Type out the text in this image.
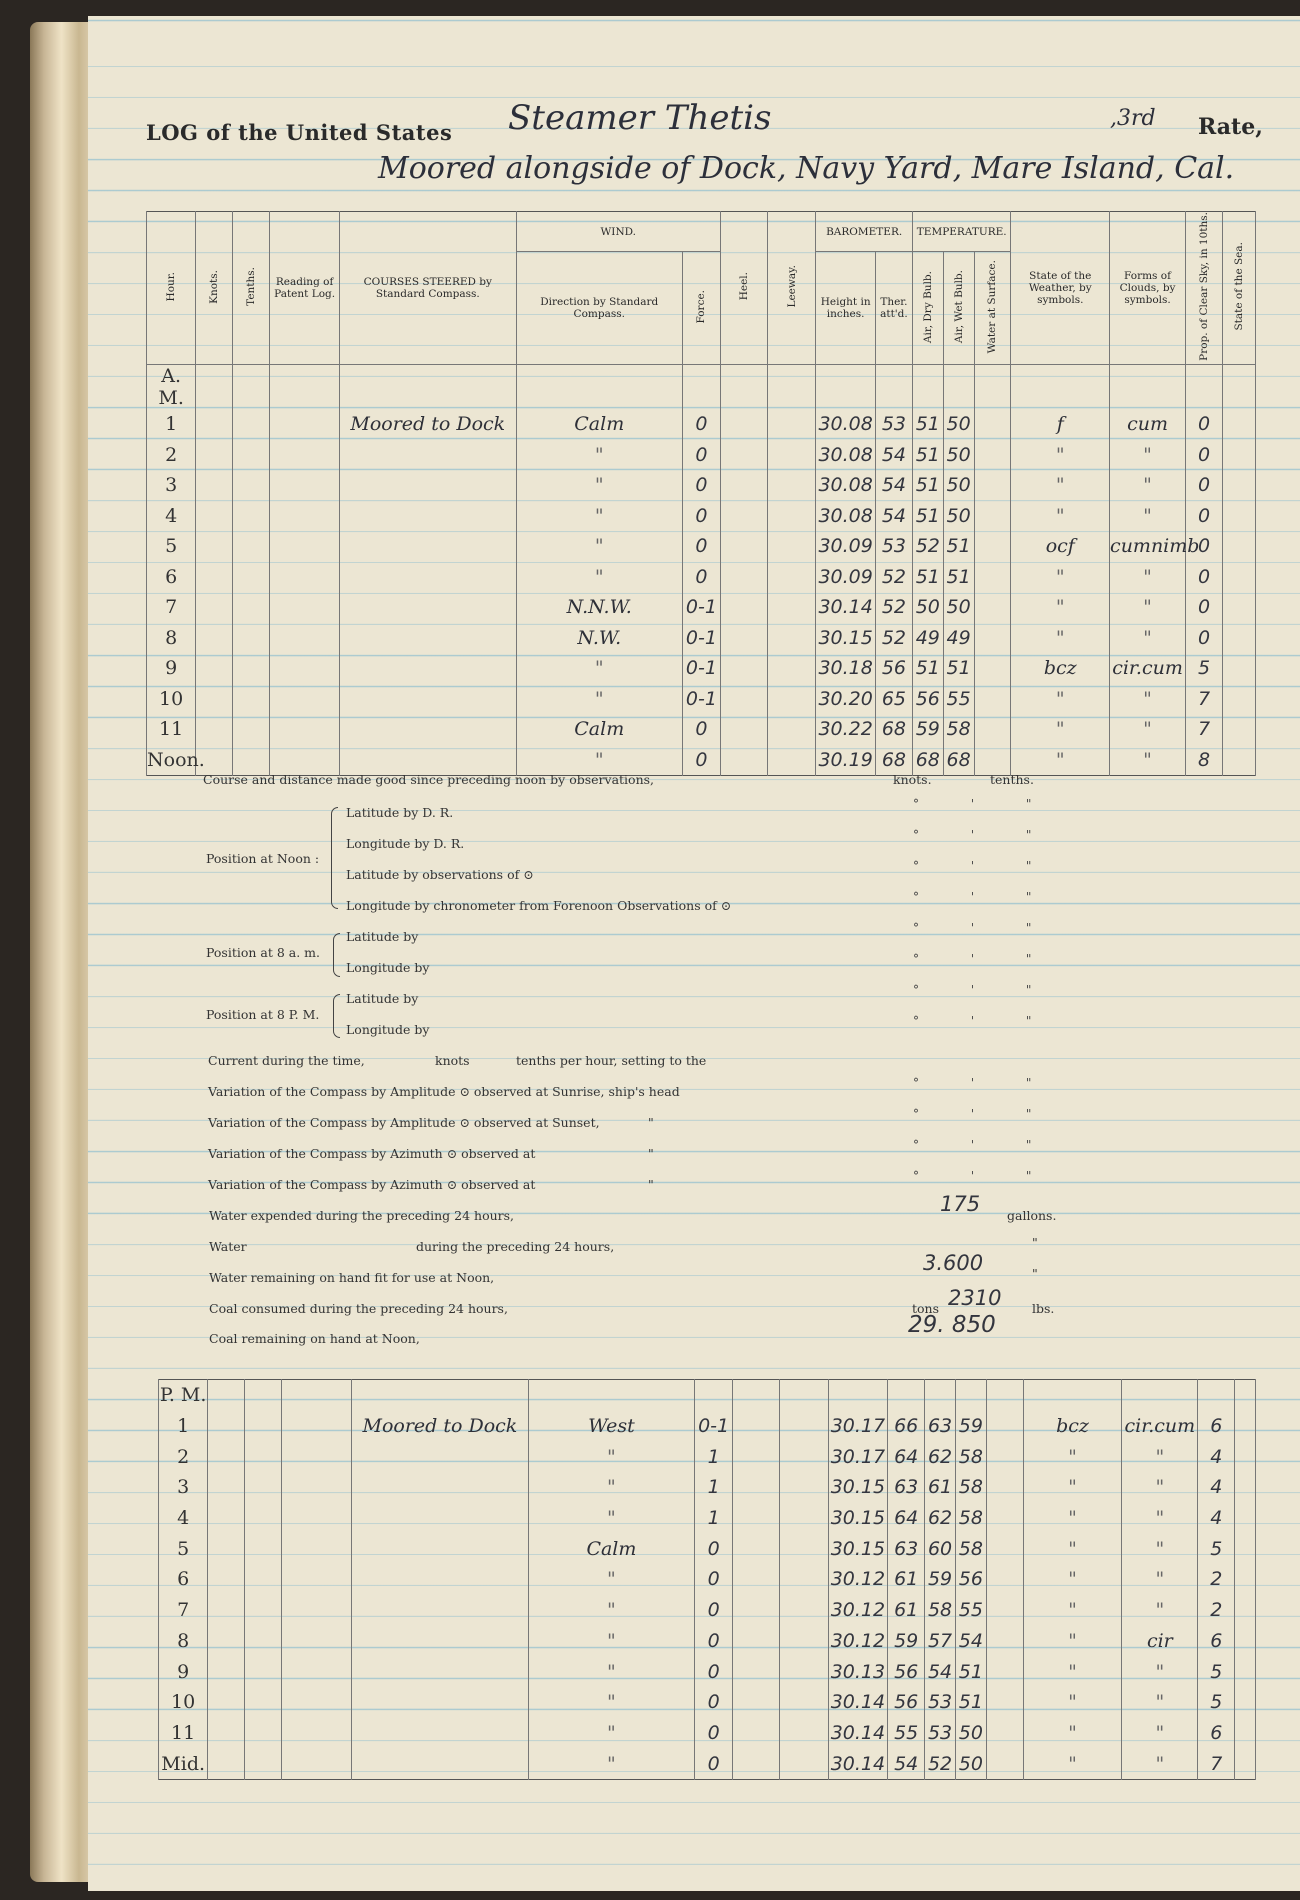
LOG of the United States Steamer Thetis	,3rd Rate,
Moored alongside of Dock, Navy Yard, Mare Island, Cal.
Hour.	Knots.	Tenths.	Reading of Patent Log.	COURSES STEERED by Standard Compass.	WIND.		Heel.	Leeway.	BAROMETER.		TEMPERATURE.			State of the Weather, by symbols.	Forms of Clouds, by symbols.	Prop. of Clear Sky, in 10ths.	State of the Sea.
					Direction by Standard Compass.	Force.			Height in inches.	Ther. att'd.	Air, Dry Bulb.	Air, Wet Bulb.	Water at Surface.				
A. M.																	
1				Moored to Dock	Calm	0			30.08	53	51	50		f	cum	0	
2					"	0			30.08	54	51	50		"	"	0	
3					"	0			30.08	54	51	50		"	"	0	
4					"	0			30.08	54	51	50		"	"	0	
5					"	0			30.09	53	52	51		ocf	cumnimb	0	
6					"	0			30.09	52	51	51		"	"	0	
7					N.N.W.	0-1			30.14	52	50	50		"	"	0	
8					N.W.	0-1			30.15	52	49	49		"	"	0	
9					"	0-1			30.18	56	51	51		bcz	cir.cum	5	
10					"	0-1			30.20	65	56	55		"	"	7	
11					Calm	0			30.22	68	59	58		"	"	7	
Noon.					"	0			30.19	68	68	68		"	"	8	
Course and distance made good since preceding noon by observations,	knots.	tenths.
Position at Noon :
Latitude by D. R.
Longitude by D. R.
Latitude by observations of ⊙
Longitude by chronometer from Forenoon Observations of ⊙
Position at 8 a. m.
Latitude by
Longitude by
Position at 8 P. M.
Latitude by
Longitude by
Current during the time,	knots	tenths per hour, setting to the
Variation of the Compass by Amplitude ⊙ observed at Sunrise, ship's head
Variation of the Compass by Amplitude ⊙ observed at Sunset,	"
Variation of the Compass by Azimuth ⊙ observed at	"
Variation of the Compass by Azimuth ⊙ observed at	"
° ' "
° ' "
° ' "
° ' "
° ' "
° ' "
° ' "
° ' "
° ' "
° ' "
° ' "
° ' "
Water expended during the preceding 24 hours,	175 gallons.
Water	during the preceding 24 hours,	"
Water remaining on hand fit for use at Noon,
3.600	"
Coal consumed during the preceding 24 hours,	tons 2310 lbs.
Coal remaining on hand at Noon,
29. 850
P. M.																	
1				Moored to Dock	West	0-1			30.17	66	63	59		bcz	cir.cum	6	
2					"	1			30.17	64	62	58		"	"	4	
3					"	1			30.15	63	61	58		"	"	4	
4					"	1			30.15	64	62	58		"	"	4	
5					Calm	0			30.15	63	60	58		"	"	5	
6					"	0			30.12	61	59	56		"	"	2	
7					"	0			30.12	61	58	55		"	"	2	
8					"	0			30.12	59	57	54		"	cir	6	
9					"	0			30.13	56	54	51		"	"	5	
10					"	0			30.14	56	53	51		"	"	5	
11					"	0			30.14	55	53	50		"	"	6	
Mid.					"	0			30.14	54	52	50		"	"	7	
